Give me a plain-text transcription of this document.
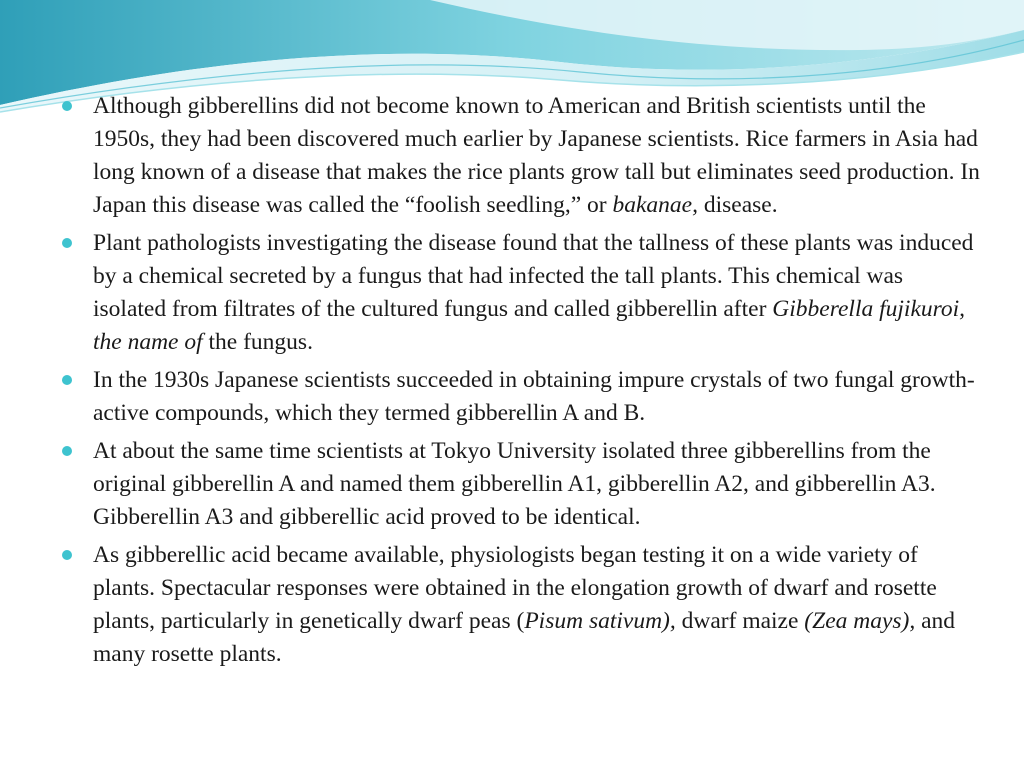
Although gibberellins did not become known to American and British scientists until the 1950s, they had been discovered much earlier by Japanese scientists. Rice farmers in Asia had long known of a disease that makes the rice plants grow tall but eliminates seed production. In Japan this disease was called the “foolish seedling,” or bakanae, disease.
Plant pathologists investigating the disease found that the tallness of these plants was induced by a chemical secreted by a fungus that had infected the tall plants. This chemical was isolated from filtrates of the cultured fungus and called gibberellin after Gibberella fujikuroi, the name of the fungus.
In the 1930s Japanese scientists succeeded in obtaining impure crystals of two fungal growth-active compounds, which they termed gibberellin A and B.
At about the same time scientists at Tokyo University isolated three gibberellins from the original gibberellin A and named them gibberellin A1, gibberellin A2, and gibberellin A3. Gibberellin A3 and gibberellic acid proved to be identical.
As gibberellic acid became available, physiologists began testing it on a wide variety of plants. Spectacular responses were obtained in the elongation growth of dwarf and rosette plants, particularly in genetically dwarf peas (Pisum sativum), dwarf maize (Zea mays), and many rosette plants.
